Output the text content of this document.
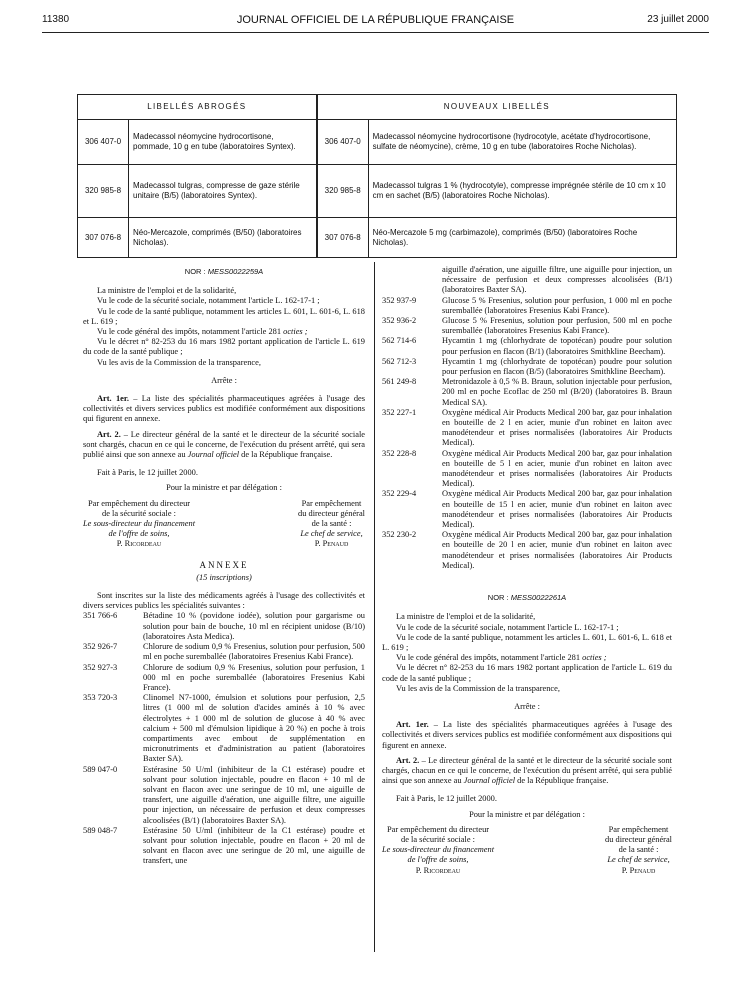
11380	JOURNAL OFFICIEL DE LA RÉPUBLIQUE FRANÇAISE	23 juillet 2000
LIBELLÉS ABROGÉS		NOUVEAUX LIBELLÉS	
306 407-0	Madecassol néomycine hydrocortisone, pommade, 10 g en tube (laboratoires Syntex).	306 407-0	Madecassol néomycine hydrocortisone (hydrocotyle, acétate d'hydrocortisone, sulfate de néomycine), crème, 10 g en tube (laboratoires Roche Nicholas).
320 985-8	Madecassol tulgras, compresse de gaze stérile unitaire (B/5) (laboratoires Syntex).	320 985-8	Madecassol tulgras 1 % (hydrocotyle), compresse imprégnée stérile de 10 cm x 10 cm en sachet (B/5) (laboratoires Roche Nicholas).
307 076-8	Néo-Mercazole, comprimés (B/50) (laboratoires Nicholas).	307 076-8	Néo-Mercazole 5 mg (carbimazole), comprimés (B/50) (laboratoires Roche Nicholas).
NOR : MESS0022259A

La ministre de l'emploi et de la solidarité,

Vu le code de la sécurité sociale, notamment l'article L. 162-17-1 ;

Vu le code de la santé publique, notamment les articles L. 601, L. 601-6, L. 618 et L. 619 ;

Vu le code général des impôts, notamment l'article 281 octies ;

Vu le décret n° 82-253 du 16 mars 1982 portant application de l'article L. 619 du code de la santé publique ;

Vu les avis de la Commission de la transparence,

Arrête :

Art. 1er. – La liste des spécialités pharmaceutiques agréées à l'usage des collectivités et divers services publics est modifiée conformément aux dispositions qui figurent en annexe.

Art. 2. – Le directeur général de la santé et le directeur de la sécurité sociale sont chargés, chacun en ce qui le concerne, de l'exécution du présent arrêté, qui sera publié ainsi que son annexe au Journal officiel de la République française.

Fait à Paris, le 12 juillet 2000.

Pour la ministre et par délégation :

Par empêchement du directeur
de la sécurité sociale :
Le sous-directeur du financement
de l'offre de soins,
P. Ricordeau
Par empêchement
du directeur général
de la santé :
Le chef de service,
P. Penaud
ANNEXE
(15 inscriptions)

Sont inscrites sur la liste des médicaments agréés à l'usage des collectivités et divers services publics les spécialités suivantes :

351 766-6	Bétadine 10 % (povidone iodée), solution pour gargarisme ou solution pour bain de bouche, 10 ml en récipient unidose (B/10) (laboratoires Asta Medica).
352 926-7	Chlorure de sodium 0,9 % Fresenius, solution pour perfusion, 500 ml en poche suremballée (laboratoires Fresenius Kabi France).
352 927-3	Chlorure de sodium 0,9 % Fresenius, solution pour perfusion, 1 000 ml en poche suremballée (laboratoires Fresenius Kabi France).
353 720-3	Clinomel N7-1000, émulsion et solutions pour perfusion, 2,5 litres (1 000 ml de solution d'acides aminés à 10 % avec électrolytes + 1 000 ml de solution de glucose à 40 % avec calcium + 500 ml d'émulsion lipidique à 20 %) en poche à trois compartiments avec embout de supplémentation en micronutriments et d'administration au patient (laboratoires Baxter SA).
589 047-0	Estérasine 50 U/ml (inhibiteur de la C1 estérase) poudre et solvant pour solution injectable, poudre en flacon + 10 ml de solvant en flacon avec une seringue de 10 ml, une aiguille de transfert, une aiguille d'aération, une aiguille filtre, une aiguille pour injection, un nécessaire de perfusion et deux compresses alcoolisées (B/1) (laboratoires Baxter SA).
589 048-7	Estérasine 50 U/ml (inhibiteur de la C1 estérase) poudre et solvant pour solution injectable, poudre en flacon + 20 ml de solvant en flacon avec une seringue de 20 ml, une aiguille de transfert, une
aiguille d'aération, une aiguille filtre, une aiguille pour injection, un nécessaire de perfusion et deux compresses alcoolisées (B/1) (laboratoires Baxter SA).
352 937-9	Glucose 5 % Fresenius, solution pour perfusion, 1 000 ml en poche suremballée (laboratoires Fresenius Kabi France).
352 936-2	Glucose 5 % Fresenius, solution pour perfusion, 500 ml en poche suremballée (laboratoires Fresenius Kabi France).
562 714-6	Hycamtin 1 mg (chlorhydrate de topotécan) poudre pour solution pour perfusion en flacon (B/1) (laboratoires Smithkline Beecham).
562 712-3	Hycamtin 1 mg (chlorhydrate de topotécan) poudre pour solution pour perfusion en flacon (B/5) (laboratoires Smithkline Beecham).
561 249-8	Metronidazole à 0,5 % B. Braun, solution injectable pour perfusion, 200 ml en poche Ecoflac de 250 ml (B/20) (laboratoires B. Braun Medical SA).
352 227-1	Oxygène médical Air Products Medical 200 bar, gaz pour inhalation en bouteille de 2 l en acier, munie d'un robinet en laiton avec manodétendeur et prises normalisées (laboratoires Air Products Medical).
352 228-8	Oxygène médical Air Products Medical 200 bar, gaz pour inhalation en bouteille de 5 l en acier, munie d'un robinet en laiton avec manodétendeur et prises normalisées (laboratoires Air Products Medical).
352 229-4	Oxygène médical Air Products Medical 200 bar, gaz pour inhalation en bouteille de 15 l en acier, munie d'un robinet en laiton avec manodétendeur et prises normalisées (laboratoires Air Products Medical).
352 230-2	Oxygène médical Air Products Medical 200 bar, gaz pour inhalation en bouteille de 20 l en acier, munie d'un robinet en laiton avec manodétendeur et prises normalisées (laboratoires Air Products Medical).
NOR : MESS0022261A

La ministre de l'emploi et de la solidarité,

Vu le code de la sécurité sociale, notamment l'article L. 162-17-1 ;

Vu le code de la santé publique, notamment les articles L. 601, L. 601-6, L. 618 et L. 619 ;

Vu le code général des impôts, notamment l'article 281 octies ;

Vu le décret n° 82-253 du 16 mars 1982 portant application de l'article L. 619 du code de la santé publique ;

Vu les avis de la Commission de la transparence,

Arrête :

Art. 1er. – La liste des spécialités pharmaceutiques agréées à l'usage des collectivités et divers services publics est modifiée conformément aux dispositions qui figurent en annexe.

Art. 2. – Le directeur général de la santé et le directeur de la sécurité sociale sont chargés, chacun en ce qui le concerne, de l'exécution du présent arrêté, qui sera publié ainsi que son annexe au Journal officiel de la République française.

Fait à Paris, le 12 juillet 2000.

Pour la ministre et par délégation :

Par empêchement du directeur
de la sécurité sociale :
Le sous-directeur du financement
de l'offre de soins,
P. Ricordeau
Par empêchement
du directeur général
de la santé :
Le chef de service,
P. Penaud
